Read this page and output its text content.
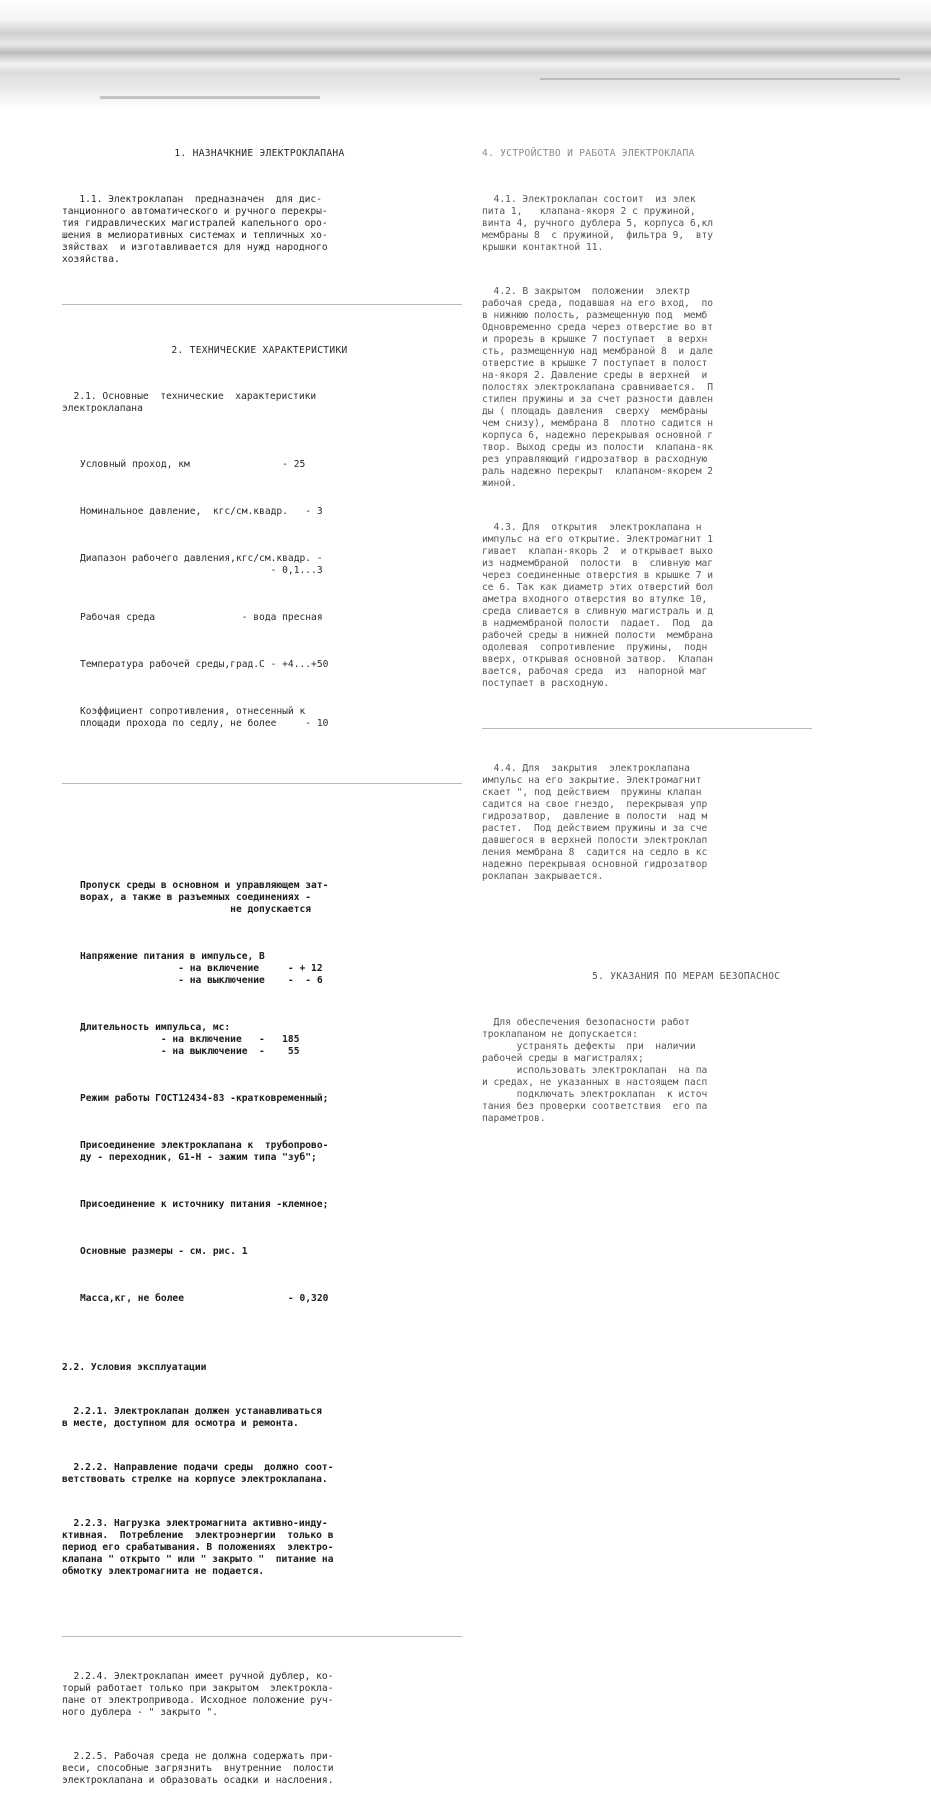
1. НАЗНАЧКНИЕ ЭЛЕКТРОКЛАПАНА

1.1. Электроклапан  предназначен  для дис-
танционного автоматического и ручного перекры-
тия гидравлических магистралей капельного оро-
шения в мелиоративных системах и тепличных хо-
зяйствах  и изготавливается для нужд народного
хозяйства.

2. ТЕХНИЧЕСКИЕ ХАРАКТЕРИСТИКИ

2.1. Основные  технические  характеристики
электроклапана

Условный проход, км                - 25

Номинальное давление,  кгс/см.квадр.   - 3

Диапазон рабочего давления,кгс/см.квадр. -
- 0,1...3

Рабочая среда               - вода пресная

Температура рабочей среды,град.С - +4...+50

Коэффициент сопротивления, отнесенный к
площади прохода по седлу, не более     - 10

Пропуск среды в основном и управляющем зат-
ворах, а также в разъемных соединениях -
не допускается

Напряжение питания в импульсе, В
- на включение     - + 12
- на выключение    -  - 6

Длительность импульса, мс:
- на включение   -   185
- на выключение  -    55

Режим работы ГОСТ12434-83 -кратковременный;

Присоединение электроклапана к  трубопрово-
ду - переходник, G1-Н - зажим типа "зуб";

Присоединение к источнику питания -клемное;

Основные размеры - см. рис. 1

Масса,кг, не более                  - 0,320

2.2. Условия эксплуатации

2.2.1. Электроклапан должен устанавливаться
в месте, доступном для осмотра и ремонта.

2.2.2. Направление подачи среды  должно соот-
ветствовать стрелке на корпусе электроклапана.

2.2.3. Нагрузка электромагнита активно-инду-
ктивная.  Потребление  электроэнергии  только в
период его срабатывания. В положениях  электро-
клапана " открыто " или " закрыто "  питание на
обмотку электромагнита не подается.

2.2.4. Электроклапан имеет ручной дублер, ко-
торый работает только при закрытом  электрокла-
пане от электропривода. Исходное положение руч-
ного дублера - " закрыто ".

2.2.5. Рабочая среда не должна содержать при-
веси, способные загрязнить  внутренние  полости
электроклапана и образовать осадки и наслоения.

4. УСТРОЙСТВО И РАБОТА ЭЛЕКТРОКЛАПА

4.1. Электроклапан состоит  из элек
пита 1,   клапана-якоря 2 с пружиной,
винта 4, ручного дублера 5, корпуса 6,кл
мембраны 8  с пружиной,  фильтра 9,  вту
крышки контактной 11.

4.2. В закрытом  положении  электр
рабочая среда, подавшая на его вход,  по
в нижнюю полость, размещенную под  мемб
Одновременно среда через отверстие во вт
и прорезь в крышке 7 поступает  в верхн
сть, размещенную над мембраной 8  и дале
отверстие в крышке 7 поступает в полост
на-якоря 2. Давление среды в верхней  и
полостях электроклапана сравнивается.  П
стилен пружины и за счет разности давлен
ды ( площадь давления  сверху  мембраны
чем снизу), мембрана 8  плотно садится н
корпуса 6, надежно перекрывая основной г
твор. Выход среды из полости  клапана-як
рез управляющий гидрозатвор в расходную
раль надежно перекрыт  клапаном-якорем 2
жиной.

4.3. Для  открытия  электроклапана н
импульс на его открытие. Электромагнит 1
гивает  клапан-якорь 2  и открывает выхо
из надмембраной  полости  в  сливную маг
через соединенные отверстия в крышке 7 и
се 6. Так как диаметр этих отверстий бол
аметра входного отверстия во втулке 10,
среда сливается в сливную магистраль и д
в надмембраной полости  падает.  Под  да
рабочей среды в нижней полости  мембрана
одолевая  сопротивление  пружины,  подн
вверх, открывая основной затвор.  Клапан
вается, рабочая среда  из  напорной маг
поступает в расходную.

4.4. Для  закрытия  электроклапана
импульс на его закрытие. Электромагнит
скает ", под действием  пружины клапан
садится на свое гнездо,  перекрывая упр
гидрозатвор,  давление в полости  над м
растет.  Под действием пружины и за сче
давшегося в верхней полости электроклап
ления мембрана 8  садится на седло в кс
надежно перекрывая основной гидрозатвор
роклапан закрывается.

5. УКАЗАНИЯ ПО МЕРАМ БЕЗОПАСНОС

Для обеспечения безопасности работ
троклапаном не допускается:
устранять дефекты  при  наличии
рабочей среды в магистралях;
использовать электроклапан  на па
и средах, не указанных в настоящем пасп
подключать электроклапан  к источ
тания без проверки соответствия  его па
параметров.
